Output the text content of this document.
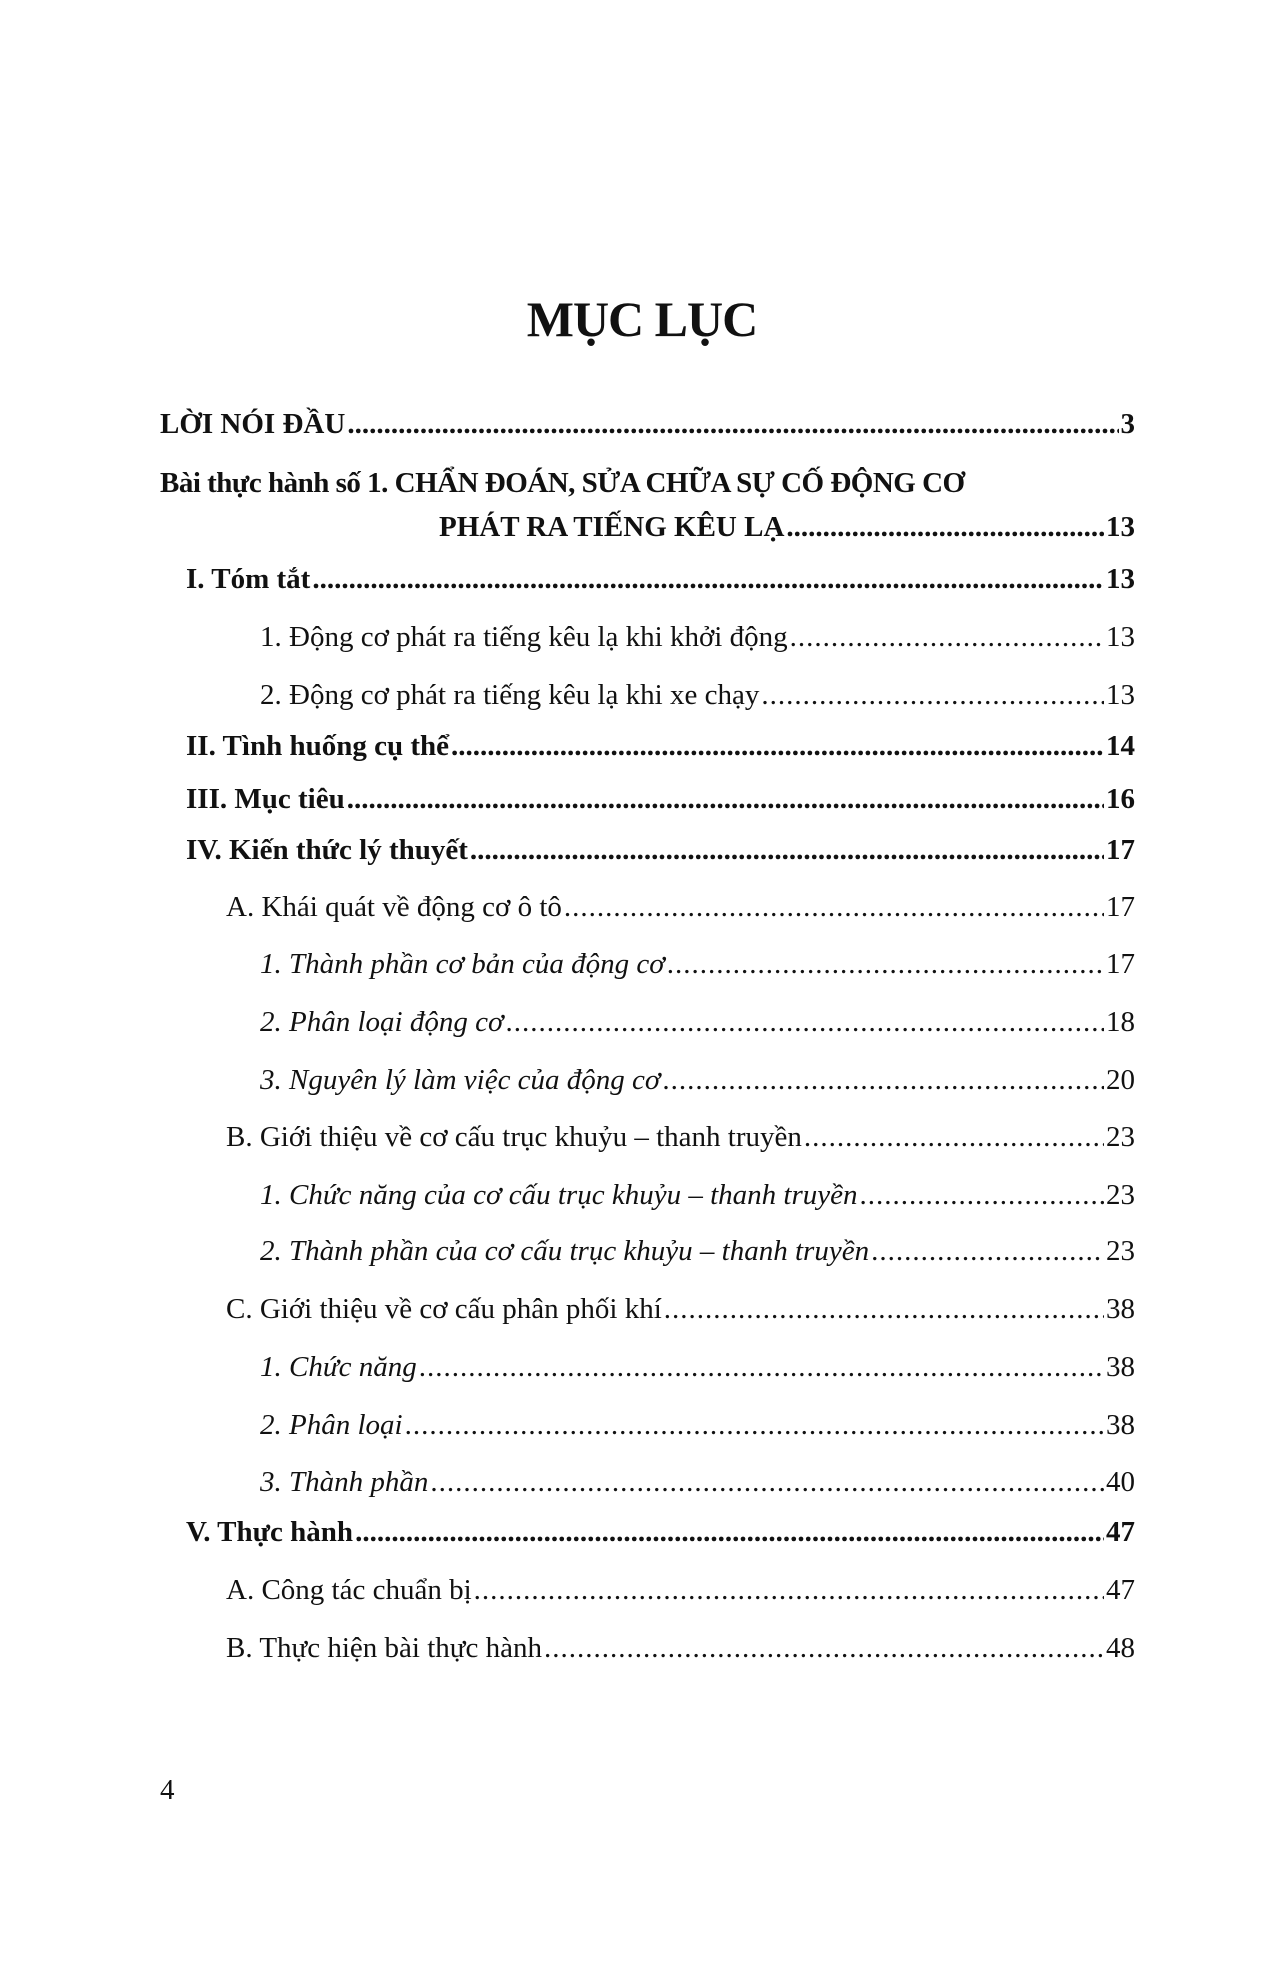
MỤC LỤC
LỜI NÓI ĐẦU .....	3
Bài thực hành số 1. CHẨN ĐOÁN, SỬA CHỮA SỰ CỐ ĐỘNG CƠ
PHÁT RA TIẾNG KÊU LẠ .....	13
I. Tóm tắt .....	13
1. Động cơ phát ra tiếng kêu lạ khi khởi động .....	13
2. Động cơ phát ra tiếng kêu lạ khi xe chạy .....	13
II. Tình huống cụ thể .....	14
III. Mục tiêu .....	16
IV. Kiến thức lý thuyết .....	17
A. Khái quát về động cơ ô tô .....	17
1. Thành phần cơ bản của động cơ .....	17
2. Phân loại động cơ .....	18
3. Nguyên lý làm việc của động cơ .....	20
B. Giới thiệu về cơ cấu trục khuỷu – thanh truyền .....	23
1. Chức năng của cơ cấu trục khuỷu – thanh truyền .....	23
2. Thành phần của cơ cấu trục khuỷu – thanh truyền .....	23
C. Giới thiệu về cơ cấu phân phối khí .....	38
1. Chức năng .....	38
2. Phân loại .....	38
3. Thành phần .....	40
V. Thực hành .....	47
A. Công tác chuẩn bị .....	47
B. Thực hiện bài thực hành .....	48
4
